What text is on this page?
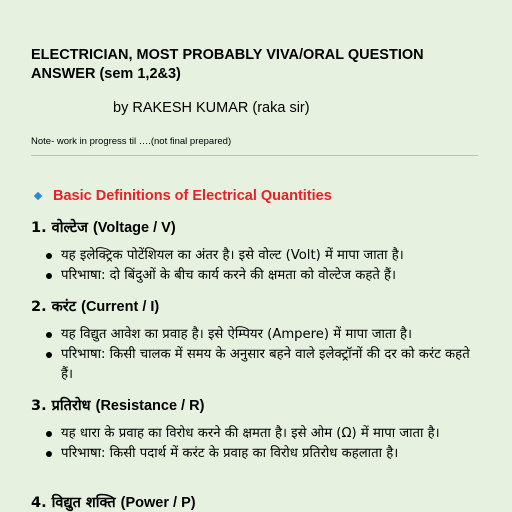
ELECTRICIAN, MOST PROBABLY VIVA/ORAL QUESTION ANSWER (sem 1,2&3)

by RAKESH KUMAR (raka sir)

Note- work in progress til ….(not final prepared)

Basic Definitions of Electrical Quantities
1. वोल्टेज (Voltage / V)
यह इलेक्ट्रिक पोटेंशियल का अंतर है। इसे वोल्ट (Volt) में मापा जाता है।
परिभाषा: दो बिंदुओं के बीच कार्य करने की क्षमता को वोल्टेज कहते हैं।
2. करंट (Current / I)
यह विद्युत आवेश का प्रवाह है। इसे ऐम्पियर (Ampere) में मापा जाता है।
परिभाषा: किसी चालक में समय के अनुसार बहने वाले इलेक्ट्रॉनों की दर को करंट कहते हैं।
3. प्रतिरोध (Resistance / R)
यह धारा के प्रवाह का विरोध करने की क्षमता है। इसे ओम (Ω) में मापा जाता है।
परिभाषा: किसी पदार्थ में करंट के प्रवाह का विरोध प्रतिरोध कहलाता है।
4. विद्युत शक्ति (Power / P)
